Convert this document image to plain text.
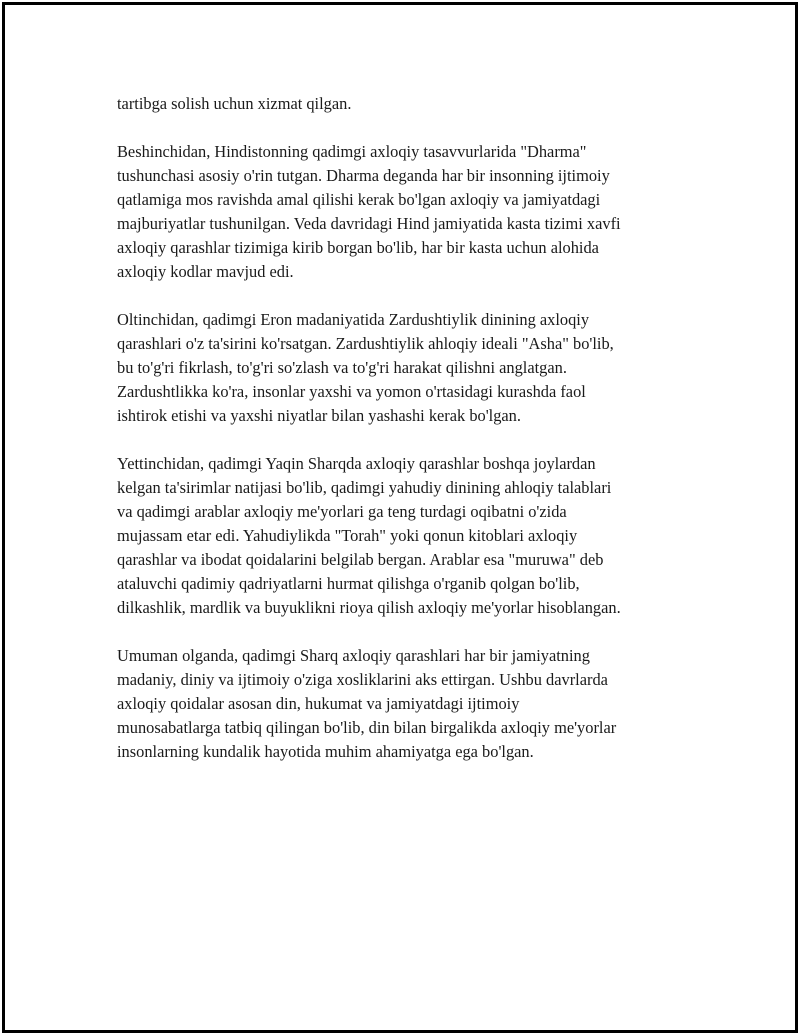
tartibga solish uchun xizmat qilgan.

Beshinchidan, Hindistonning qadimgi axloqiy tasavvurlarida "Dharma"
tushunchasi asosiy o'rin tutgan. Dharma deganda har bir insonning ijtimoiy
qatlamiga mos ravishda amal qilishi kerak bo'lgan axloqiy va jamiyatdagi
majburiyatlar tushunilgan. Veda davridagi Hind jamiyatida kasta tizimi xavfi
axloqiy qarashlar tizimiga kirib borgan bo'lib, har bir kasta uchun alohida
axloqiy kodlar mavjud edi.

Oltinchidan, qadimgi Eron madaniyatida Zardushtiylik dinining axloqiy
qarashlari o'z ta'sirini ko'rsatgan. Zardushtiylik ahloqiy ideali "Asha" bo'lib,
bu to'g'ri fikrlash, to'g'ri so'zlash va to'g'ri harakat qilishni anglatgan.
Zardushtlikka ko'ra, insonlar yaxshi va yomon o'rtasidagi kurashda faol
ishtirok etishi va yaxshi niyatlar bilan yashashi kerak bo'lgan.

Yettinchidan, qadimgi Yaqin Sharqda axloqiy qarashlar boshqa joylardan
kelgan ta'sirimlar natijasi bo'lib, qadimgi yahudiy dinining ahloqiy talablari
va qadimgi arablar axloqiy me'yorlari ga teng turdagi oqibatni o'zida
mujassam etar edi. Yahudiylikda "Torah" yoki qonun kitoblari axloqiy
qarashlar va ibodat qoidalarini belgilab bergan. Arablar esa "muruwa" deb
ataluvchi qadimiy qadriyatlarni hurmat qilishga o'rganib qolgan bo'lib,
dilkashlik, mardlik va buyuklikni rioya qilish axloqiy me'yorlar hisoblangan.

Umuman olganda, qadimgi Sharq axloqiy qarashlari har bir jamiyatning
madaniy, diniy va ijtimoiy o'ziga xosliklarini aks ettirgan. Ushbu davrlarda
axloqiy qoidalar asosan din, hukumat va jamiyatdagi ijtimoiy
munosabatlarga tatbiq qilingan bo'lib, din bilan birgalikda axloqiy me'yorlar
insonlarning kundalik hayotida muhim ahamiyatga ega bo'lgan.
